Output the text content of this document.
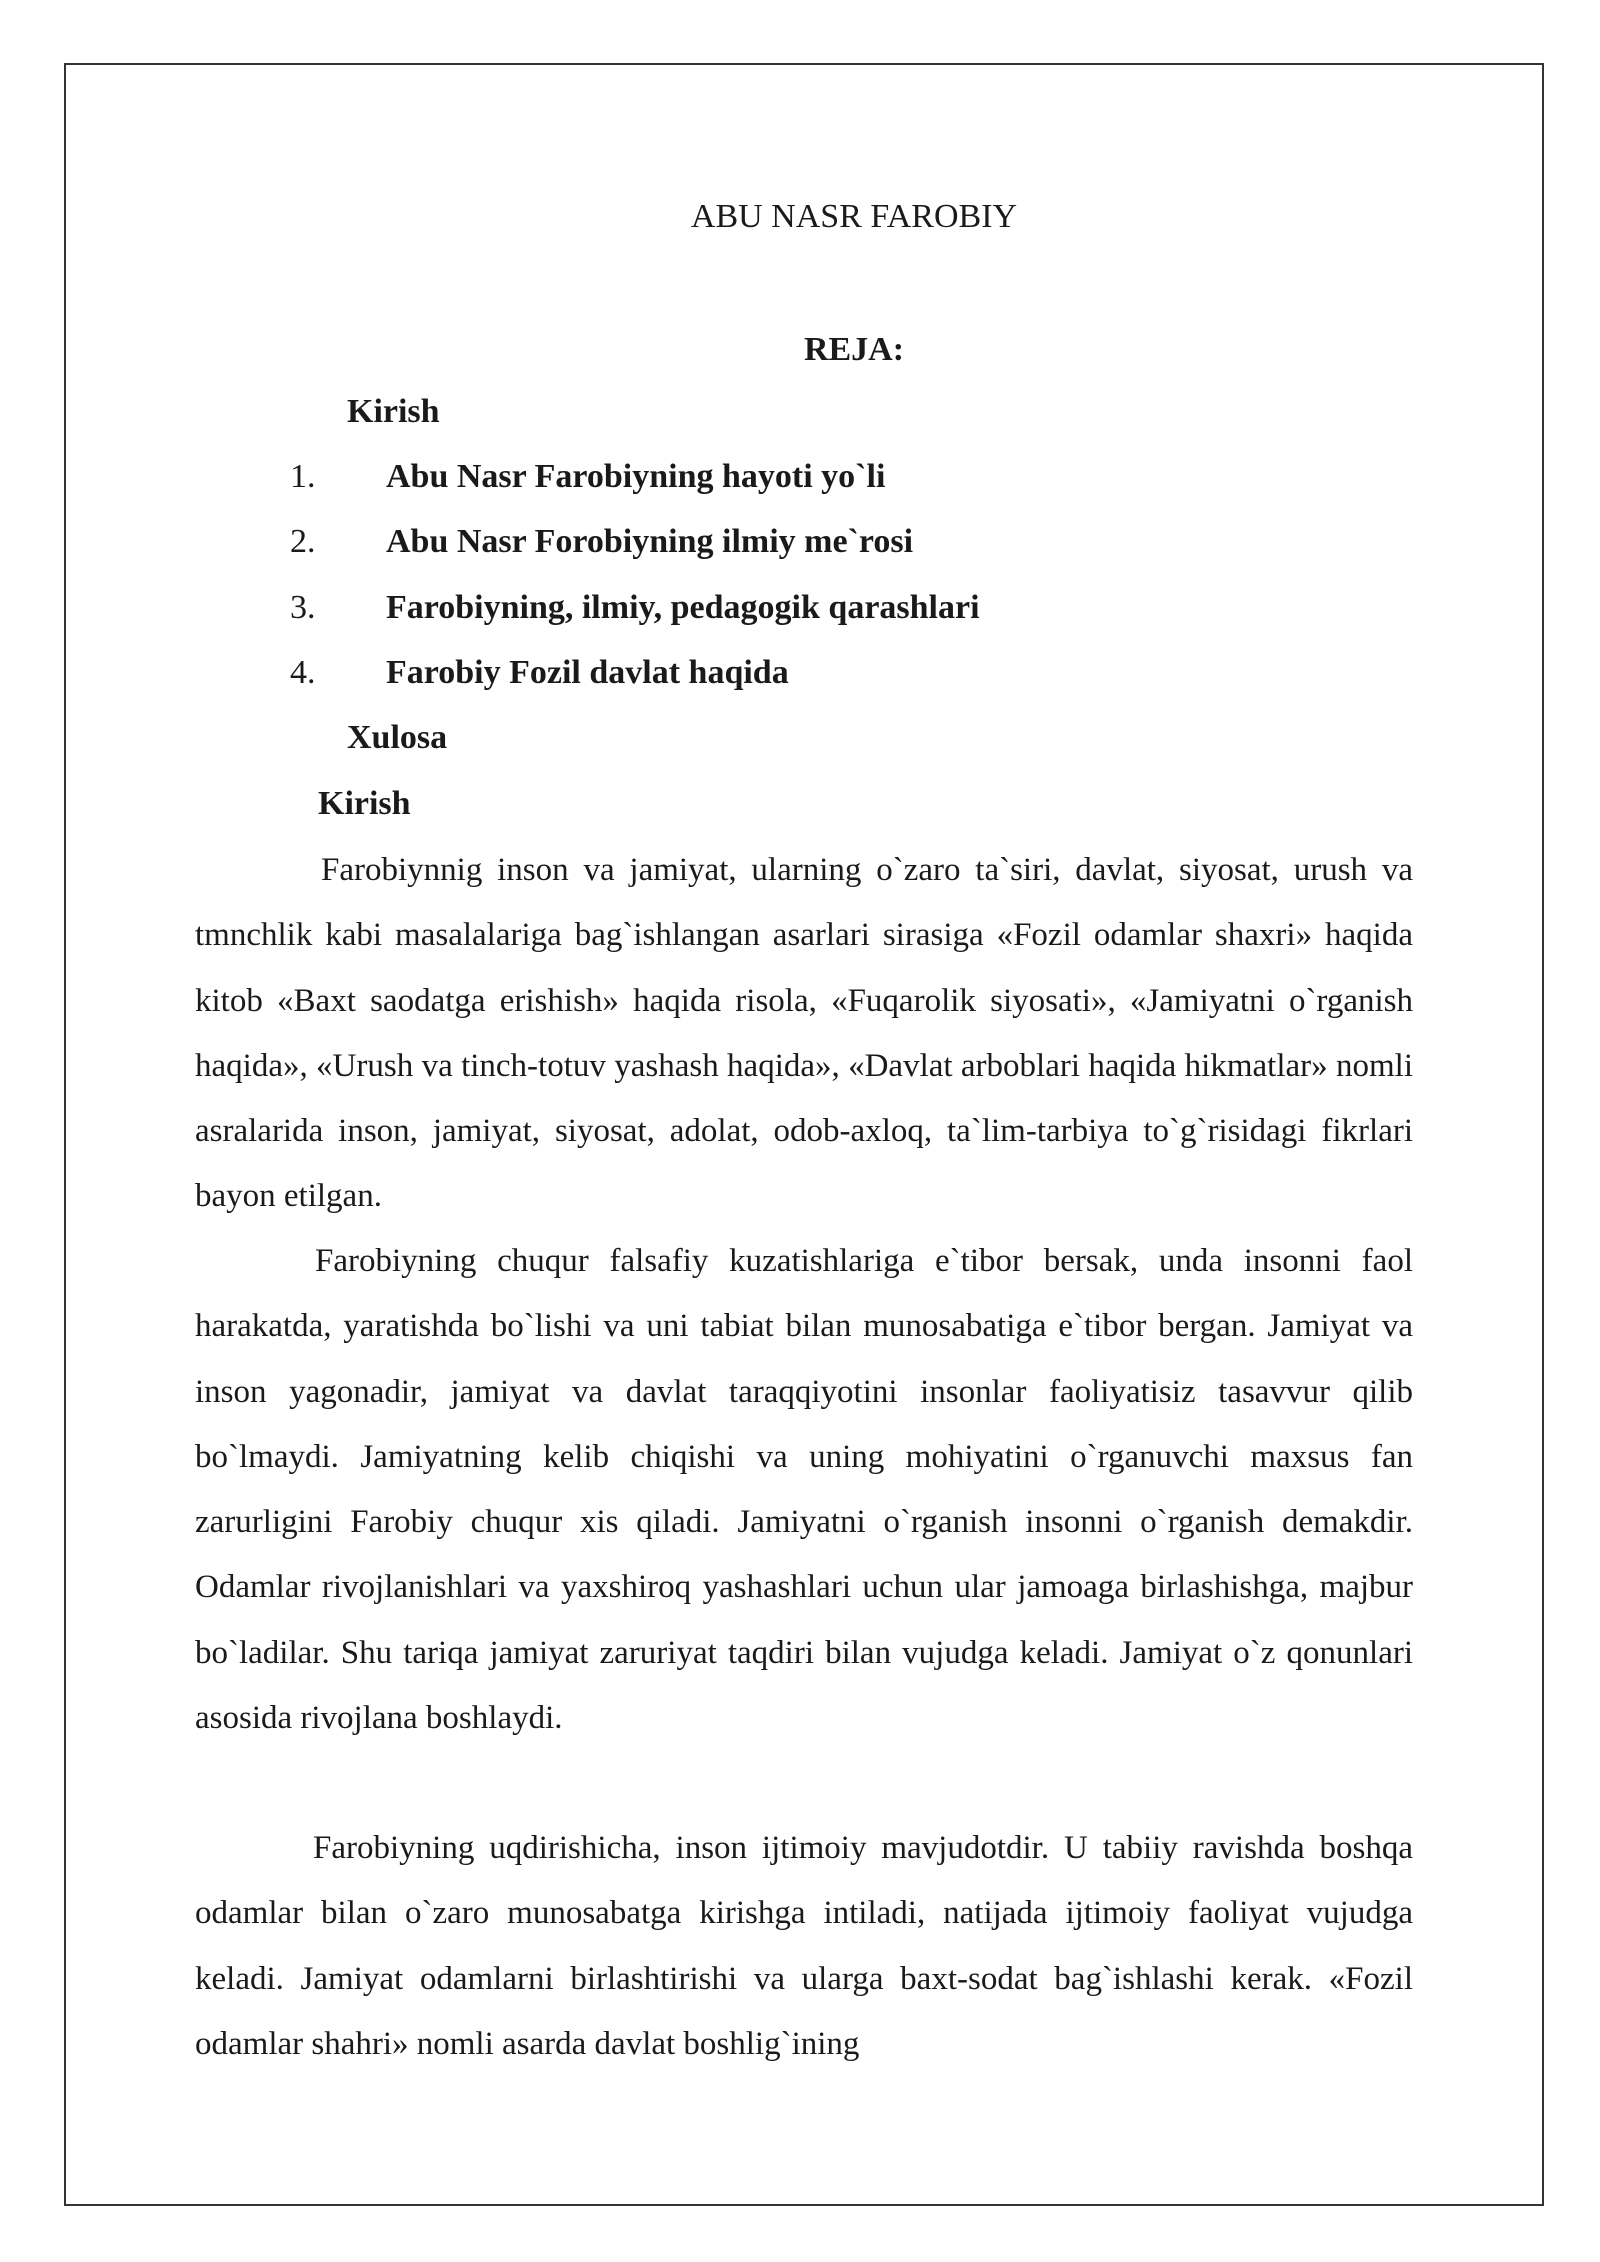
ABU NASR FAROBIY
REJA:
Kirish
1. Abu Nasr Farobiyning hayoti yo`li
2. Abu Nasr Forobiyning ilmiy me`rosi
3. Farobiyning, ilmiy, pedagogik qarashlari
4. Farobiy Fozil davlat haqida
Xulosa
Kirish

Farobiynnig inson va jamiyat, ularning o`zaro ta`siri, davlat, siyosat, urush va tmnchlik kabi masalalariga bag`ishlangan asarlari sirasiga «Fozil odamlar shaxri» haqida kitob «Baxt saodatga erishish» haqida risola, «Fuqarolik siyosati», «Jamiyatni o`rganish haqida», «Urush va tinch-totuv yashash haqida», «Davlat arboblari haqida hikmatlar» nomli asralarida inson, jamiyat, siyosat, adolat, odob-axloq, ta`lim-tarbiya to`g`risidagi fikrlari bayon etilgan.

Farobiyning chuqur falsafiy kuzatishlariga e`tibor bersak, unda insonni faol harakatda, yaratishda bo`lishi va uni tabiat bilan munosabatiga e`tibor bergan. Jamiyat va inson yagonadir, jamiyat va davlat taraqqiyotini insonlar faoliyatisiz tasavvur qilib bo`lmaydi. Jamiyatning kelib chiqishi va uning mohiyatini o`rganuvchi maxsus fan zarurligini Farobiy chuqur xis qiladi. Jamiyatni o`rganish insonni o`rganish demakdir. Odamlar rivojlanishlari va yaxshiroq yashashlari uchun ular jamoaga birlashishga, majbur bo`ladilar. Shu tariqa jamiyat zaruriyat taqdiri bilan vujudga keladi. Jamiyat o`z qonunlari asosida rivojlana boshlaydi.

Farobiyning uqdirishicha, inson ijtimoiy mavjudotdir. U tabiiy ravishda boshqa odamlar bilan o`zaro munosabatga kirishga intiladi, natijada ijtimoiy faoliyat vujudga keladi. Jamiyat odamlarni birlashtirishi va ularga baxt-sodat bag`ishlashi kerak. «Fozil odamlar shahri» nomli asarda davlat boshlig`ining
